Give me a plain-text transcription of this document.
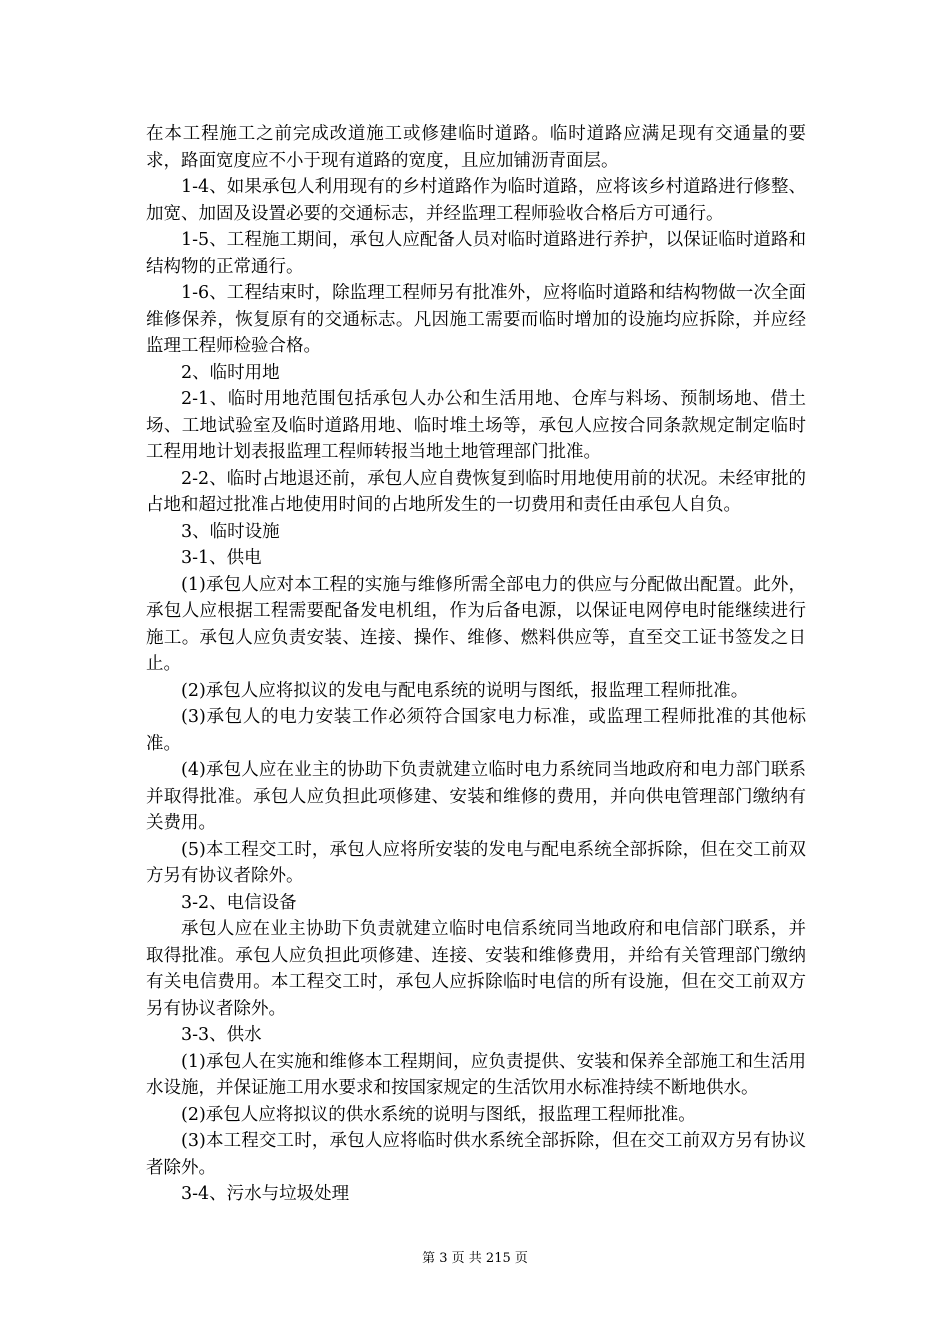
在本工程施工之前完成改道施工或修建临时道路。临时道路应满足现有交通量的要求，路面宽度应不小于现有道路的宽度，且应加铺沥青面层。

1-4、如果承包人利用现有的乡村道路作为临时道路，应将该乡村道路进行修整、加宽、加固及设置必要的交通标志，并经监理工程师验收合格后方可通行。

1-5、工程施工期间，承包人应配备人员对临时道路进行养护，以保证临时道路和结构物的正常通行。

1-6、工程结束时，除监理工程师另有批准外，应将临时道路和结构物做一次全面维修保养，恢复原有的交通标志。凡因施工需要而临时增加的设施均应拆除，并应经监理工程师检验合格。

2、临时用地

2-1、临时用地范围包括承包人办公和生活用地、仓库与料场、预制场地、借土场、工地试验室及临时道路用地、临时堆土场等，承包人应按合同条款规定制定临时工程用地计划表报监理工程师转报当地土地管理部门批准。

2-2、临时占地退还前，承包人应自费恢复到临时用地使用前的状况。未经审批的占地和超过批准占地使用时间的占地所发生的一切费用和责任由承包人自负。

3、临时设施

3-1、供电

(1)承包人应对本工程的实施与维修所需全部电力的供应与分配做出配置。此外，承包人应根据工程需要配备发电机组，作为后备电源，以保证电网停电时能继续进行施工。承包人应负责安装、连接、操作、维修、燃料供应等，直至交工证书签发之日止。

(2)承包人应将拟议的发电与配电系统的说明与图纸，报监理工程师批准。

(3)承包人的电力安装工作必须符合国家电力标准，或监理工程师批准的其他标准。

(4)承包人应在业主的协助下负责就建立临时电力系统同当地政府和电力部门联系并取得批准。承包人应负担此项修建、安装和维修的费用，并向供电管理部门缴纳有关费用。

(5)本工程交工时，承包人应将所安装的发电与配电系统全部拆除，但在交工前双方另有协议者除外。

3-2、电信设备

承包人应在业主协助下负责就建立临时电信系统同当地政府和电信部门联系，并取得批准。承包人应负担此项修建、连接、安装和维修费用，并给有关管理部门缴纳有关电信费用。本工程交工时，承包人应拆除临时电信的所有设施，但在交工前双方另有协议者除外。

3-3、供水

(1)承包人在实施和维修本工程期间，应负责提供、安装和保养全部施工和生活用水设施，并保证施工用水要求和按国家规定的生活饮用水标准持续不断地供水。

(2)承包人应将拟议的供水系统的说明与图纸，报监理工程师批准。

(3)本工程交工时，承包人应将临时供水系统全部拆除，但在交工前双方另有协议者除外。

3-4、污水与垃圾处理

第 3 页 共 215 页
